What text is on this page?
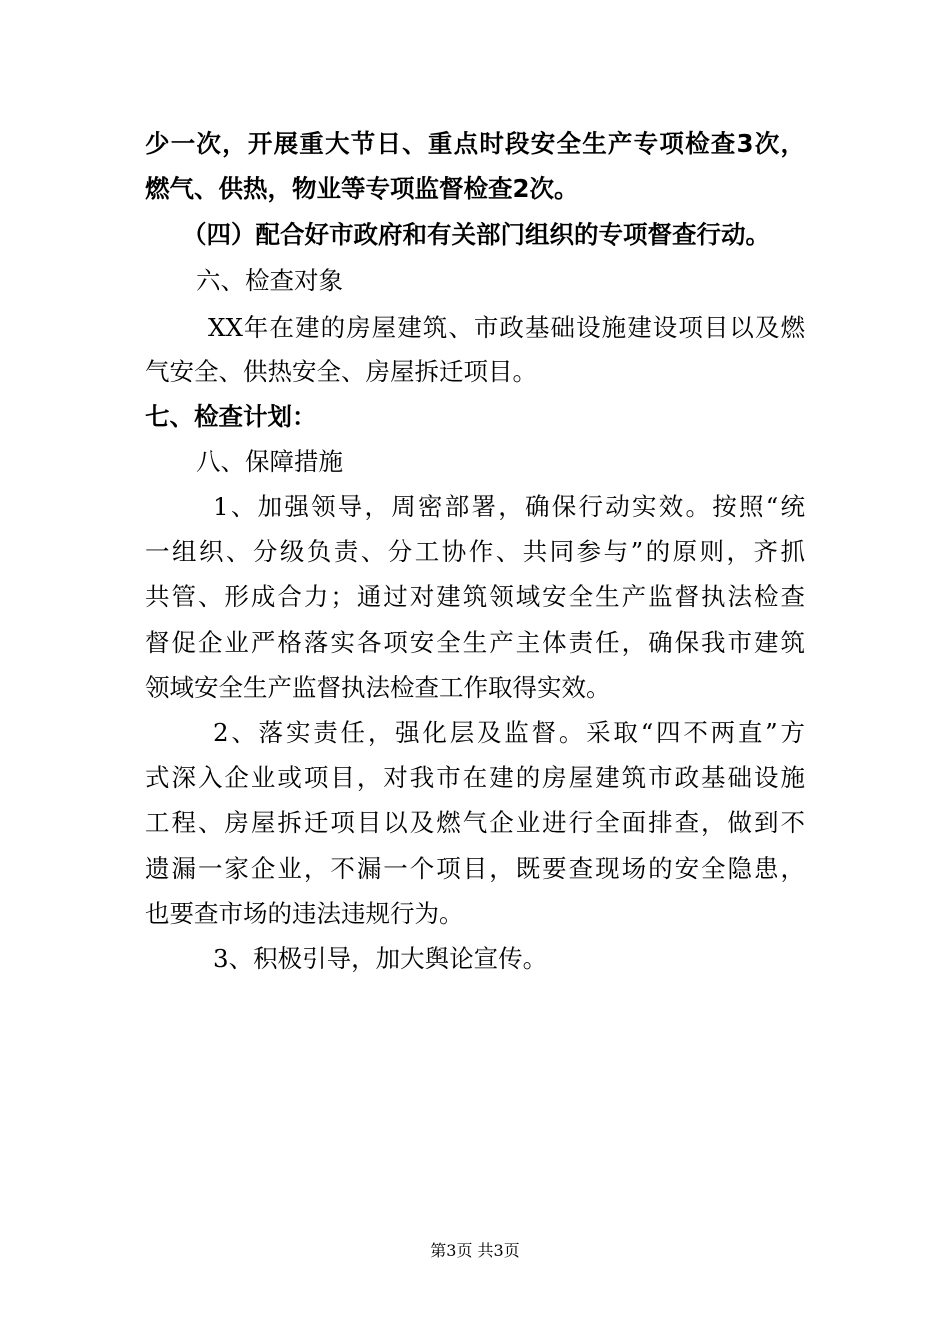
少一次，开展重大节日、重点时段安全生产专项检查3次，
燃气、供热，物业等专项监督检查2次。
（四）配合好市政府和有关部门组织的专项督查行动。
六、检查对象
XX年在建的房屋建筑、市政基础设施建设项目以及燃
气安全、供热安全、房屋拆迁项目。
七、检查计划：
八、保障措施
1、加强领导，周密部署，确保行动实效。按照“统
一组织、分级负责、分工协作、共同参与”的原则，齐抓
共管、形成合力；通过对建筑领域安全生产监督执法检查
督促企业严格落实各项安全生产主体责任，确保我市建筑
领域安全生产监督执法检查工作取得实效。
2、落实责任，强化层及监督。采取“四不两直”方
式深入企业或项目，对我市在建的房屋建筑市政基础设施
工程、房屋拆迁项目以及燃气企业进行全面排查，做到不
遗漏一家企业，不漏一个项目，既要查现场的安全隐患，
也要查市场的违法违规行为。
3、积极引导，加大舆论宣传。
第3页 共3页
